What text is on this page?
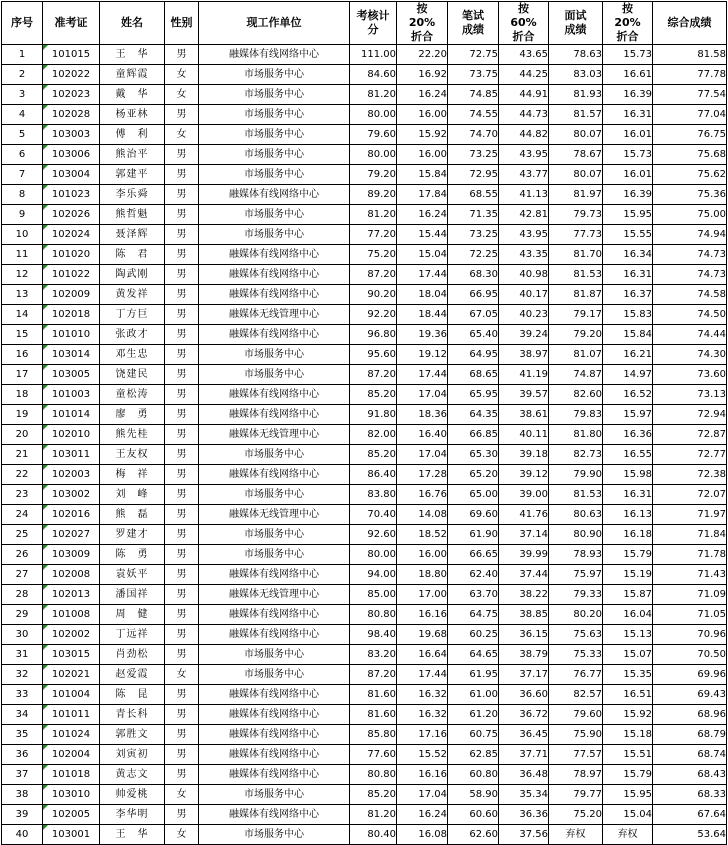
序号	准考证	姓名	性别	现工作单位	考核计分	按20%折合	笔试成绩	按60%折合	面试成绩	按20%折合	综合成绩
1	101015	王　华	男	融媒体有线网络中心	111.00	22.20	72.75	43.65	78.63	15.73	81.58
2	102022	童辉霞	女	市场服务中心	84.60	16.92	73.75	44.25	83.03	16.61	77.78
3	102023	戴　华	女	市场服务中心	81.20	16.24	74.85	44.91	81.93	16.39	77.54
4	102028	杨亚林	男	市场服务中心	80.00	16.00	74.55	44.73	81.57	16.31	77.04
5	103003	傅　利	女	市场服务中心	79.60	15.92	74.70	44.82	80.07	16.01	76.75
6	103006	熊治平	男	市场服务中心	80.00	16.00	73.25	43.95	78.67	15.73	75.68
7	103004	郭建平	男	市场服务中心	79.20	15.84	72.95	43.77	80.07	16.01	75.62
8	101023	李乐舜	男	融媒体有线网络中心	89.20	17.84	68.55	41.13	81.97	16.39	75.36
9	102026	熊哲魁	男	市场服务中心	81.20	16.24	71.35	42.81	79.73	15.95	75.00
10	102024	聂泽辉	男	市场服务中心	77.20	15.44	73.25	43.95	77.73	15.55	74.94
11	101020	陈　君	男	融媒体有线网络中心	75.20	15.04	72.25	43.35	81.70	16.34	74.73
12	101022	陶武刚	男	融媒体有线网络中心	87.20	17.44	68.30	40.98	81.53	16.31	74.73
13	102009	黄发祥	男	融媒体有线网络中心	90.20	18.04	66.95	40.17	81.87	16.37	74.58
14	102018	丁方巨	男	融媒体无线管理中心	92.20	18.44	67.05	40.23	79.17	15.83	74.50
15	101010	张政才	男	融媒体有线网络中心	96.80	19.36	65.40	39.24	79.20	15.84	74.44
16	103014	邓生忠	男	市场服务中心	95.60	19.12	64.95	38.97	81.07	16.21	74.30
17	103005	饶建民	男	市场服务中心	87.20	17.44	68.65	41.19	74.87	14.97	73.60
18	101003	童松涛	男	融媒体有线网络中心	85.20	17.04	65.95	39.57	82.60	16.52	73.13
19	101014	廖　勇	男	融媒体有线网络中心	91.80	18.36	64.35	38.61	79.83	15.97	72.94
20	102010	熊先桂	男	融媒体无线管理中心	82.00	16.40	66.85	40.11	81.80	16.36	72.87
21	103011	王友权	男	市场服务中心	85.20	17.04	65.30	39.18	82.73	16.55	72.77
22	102003	梅　祥	男	融媒体有线网络中心	86.40	17.28	65.20	39.12	79.90	15.98	72.38
23	103002	刘　峰	男	市场服务中心	83.80	16.76	65.00	39.00	81.53	16.31	72.07
24	102016	熊　磊	男	融媒体无线管理中心	70.40	14.08	69.60	41.76	80.63	16.13	71.97
25	102027	罗建才	男	市场服务中心	92.60	18.52	61.90	37.14	80.90	16.18	71.84
26	103009	陈　勇	男	市场服务中心	80.00	16.00	66.65	39.99	78.93	15.79	71.78
27	102008	袁妖平	男	融媒体有线网络中心	94.00	18.80	62.40	37.44	75.97	15.19	71.43
28	102013	潘国祥	男	融媒体无线管理中心	85.00	17.00	63.70	38.22	79.33	15.87	71.09
29	101008	周　健	男	融媒体有线网络中心	80.80	16.16	64.75	38.85	80.20	16.04	71.05
30	102002	丁远祥	男	融媒体有线网络中心	98.40	19.68	60.25	36.15	75.63	15.13	70.96
31	103015	肖劲松	男	市场服务中心	83.20	16.64	64.65	38.79	75.33	15.07	70.50
32	102021	赵爱霞	女	市场服务中心	87.20	17.44	61.95	37.17	76.77	15.35	69.96
33	101004	陈　昆	男	融媒体有线网络中心	81.60	16.32	61.00	36.60	82.57	16.51	69.43
34	101011	青长科	男	融媒体有线网络中心	81.60	16.32	61.20	36.72	79.60	15.92	68.96
35	101024	郭胜文	男	融媒体有线网络中心	85.80	17.16	60.75	36.45	75.90	15.18	68.79
36	102004	刘寅初	男	融媒体有线网络中心	77.60	15.52	62.85	37.71	77.57	15.51	68.74
37	101018	黄志文	男	融媒体有线网络中心	80.80	16.16	60.80	36.48	78.97	15.79	68.43
38	103010	帅爱桃	女	市场服务中心	85.20	17.04	58.90	35.34	79.77	15.95	68.33
39	102005	李华明	男	融媒体有线网络中心	81.20	16.24	60.60	36.36	75.20	15.04	67.64
40	103001	王　华	女	市场服务中心	80.40	16.08	62.60	37.56	弃权	弃权	53.64
